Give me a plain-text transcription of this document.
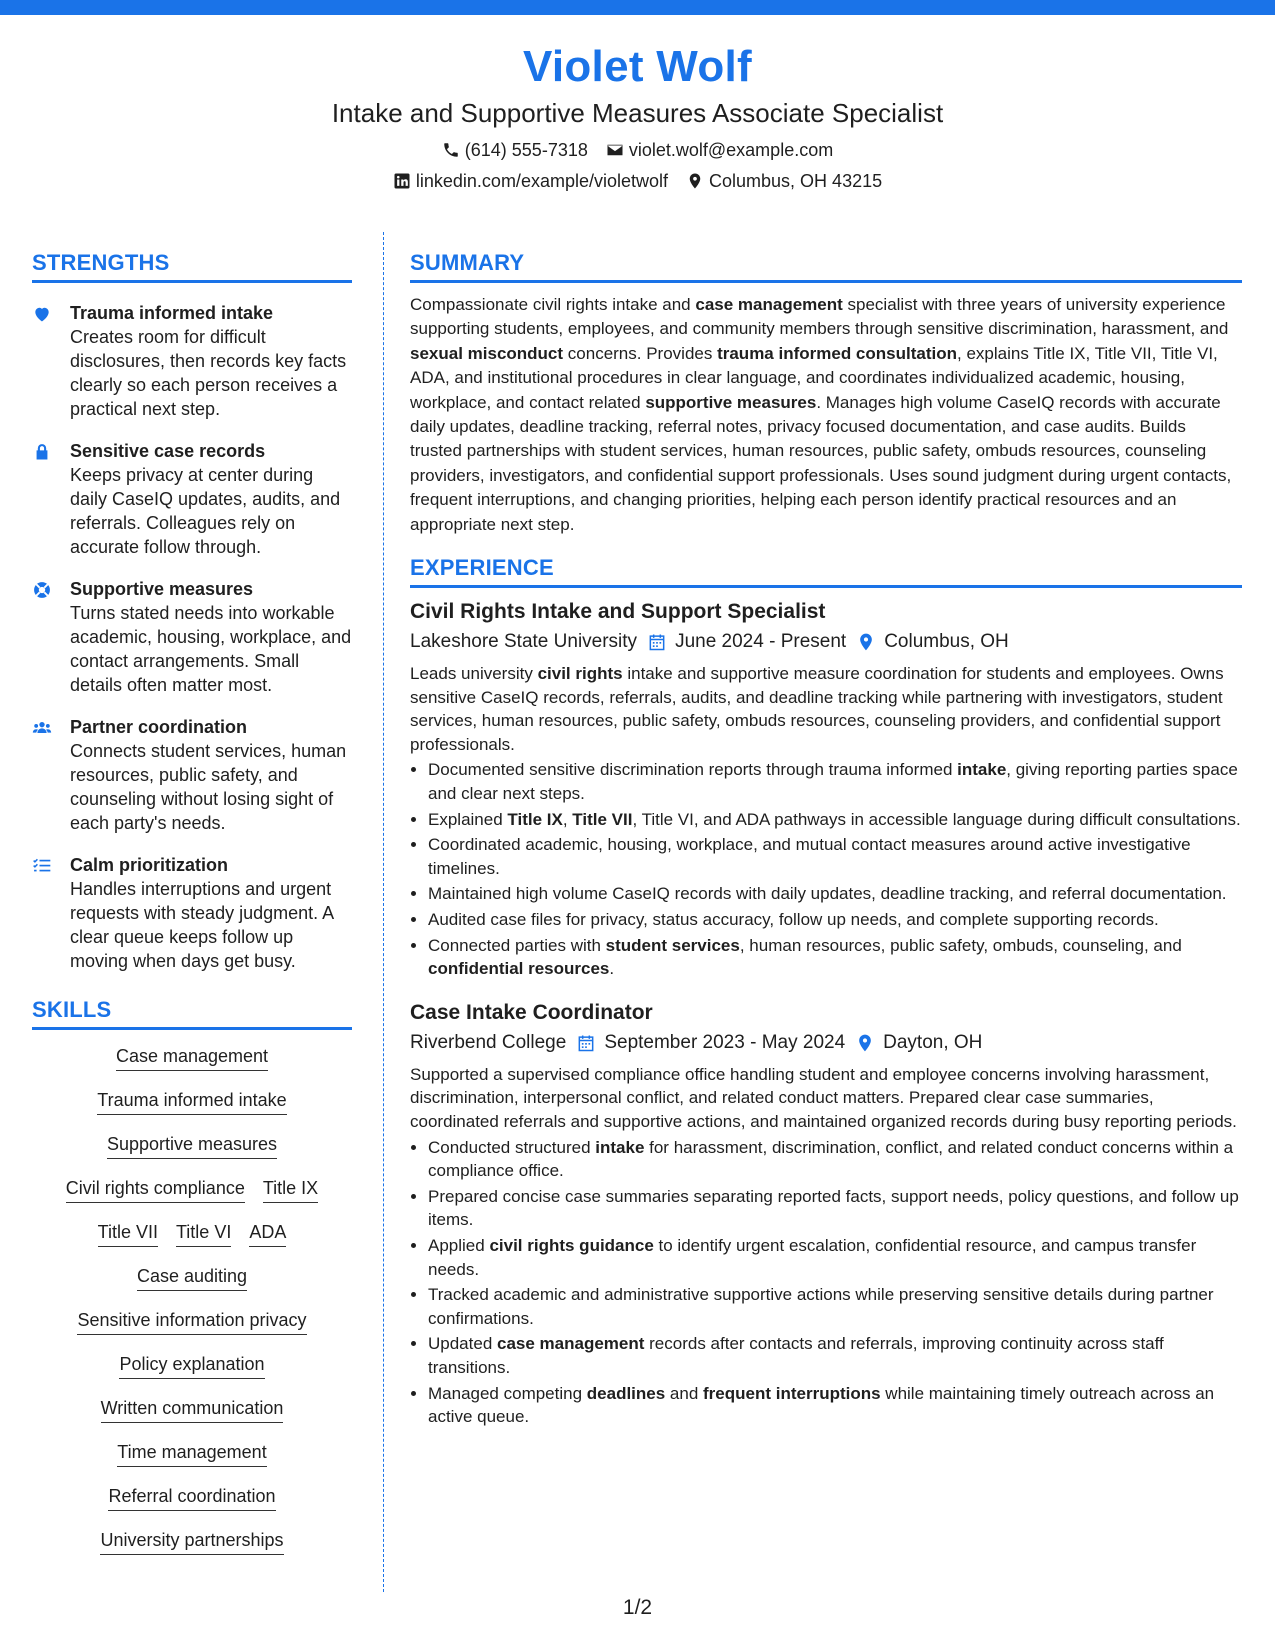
Violet Wolf
Intake and Supportive Measures Associate Specialist
(614) 555-7318 violet.wolf@example.com
linkedin.com/example/violetwolf Columbus, OH 43215
STRENGTHS
Trauma informed intake
Creates room for difficult disclosures, then records key facts clearly so each person receives a practical next step.
Sensitive case records
Keeps privacy at center during daily CaseIQ updates, audits, and referrals. Colleagues rely on accurate follow through.
Supportive measures
Turns stated needs into workable academic, housing, workplace, and contact arrangements. Small details often matter most.
Partner coordination
Connects student services, human resources, public safety, and counseling without losing sight of each party's needs.
Calm prioritization
Handles interruptions and urgent requests with steady judgment. A clear queue keeps follow up moving when days get busy.
SKILLS
Case management
Trauma informed intake
Supportive measures
Civil rights compliance Title IX
Title VII Title VI ADA
Case auditing
Sensitive information privacy
Policy explanation
Written communication
Time management
Referral coordination
University partnerships
SUMMARY
Compassionate civil rights intake and case management specialist with three years of university experience supporting students, employees, and community members through sensitive discrimination, harassment, and sexual misconduct concerns. Provides trauma informed consultation, explains Title IX, Title VII, Title VI, ADA, and institutional procedures in clear language, and coordinates individualized academic, housing, workplace, and contact related supportive measures. Manages high volume CaseIQ records with accurate daily updates, deadline tracking, referral notes, privacy focused documentation, and case audits. Builds trusted partnerships with student services, human resources, public safety, ombuds resources, counseling providers, investigators, and confidential support professionals. Uses sound judgment during urgent contacts, frequent interruptions, and changing priorities, helping each person identify practical resources and an appropriate next step.
EXPERIENCE
Civil Rights Intake and Support Specialist
Lakeshore State University June 2024 - Present Columbus, OH
Leads university civil rights intake and supportive measure coordination for students and employees. Owns sensitive CaseIQ records, referrals, audits, and deadline tracking while partnering with investigators, student services, human resources, public safety, ombuds resources, counseling providers, and confidential support professionals.
• Documented sensitive discrimination reports through trauma informed intake, giving reporting parties space and clear next steps.
• Explained Title IX, Title VII, Title VI, and ADA pathways in accessible language during difficult consultations.
• Coordinated academic, housing, workplace, and mutual contact measures around active investigative timelines.
• Maintained high volume CaseIQ records with daily updates, deadline tracking, and referral documentation.
• Audited case files for privacy, status accuracy, follow up needs, and complete supporting records.
• Connected parties with student services, human resources, public safety, ombuds, counseling, and confidential resources.
Case Intake Coordinator
Riverbend College September 2023 - May 2024 Dayton, OH
Supported a supervised compliance office handling student and employee concerns involving harassment, discrimination, interpersonal conflict, and related conduct matters. Prepared clear case summaries, coordinated referrals and supportive actions, and maintained organized records during busy reporting periods.
• Conducted structured intake for harassment, discrimination, conflict, and related conduct concerns within a compliance office.
• Prepared concise case summaries separating reported facts, support needs, policy questions, and follow up items.
• Applied civil rights guidance to identify urgent escalation, confidential resource, and campus transfer needs.
• Tracked academic and administrative supportive actions while preserving sensitive details during partner confirmations.
• Updated case management records after contacts and referrals, improving continuity across staff transitions.
• Managed competing deadlines and frequent interruptions while maintaining timely outreach across an active queue.
1/2
